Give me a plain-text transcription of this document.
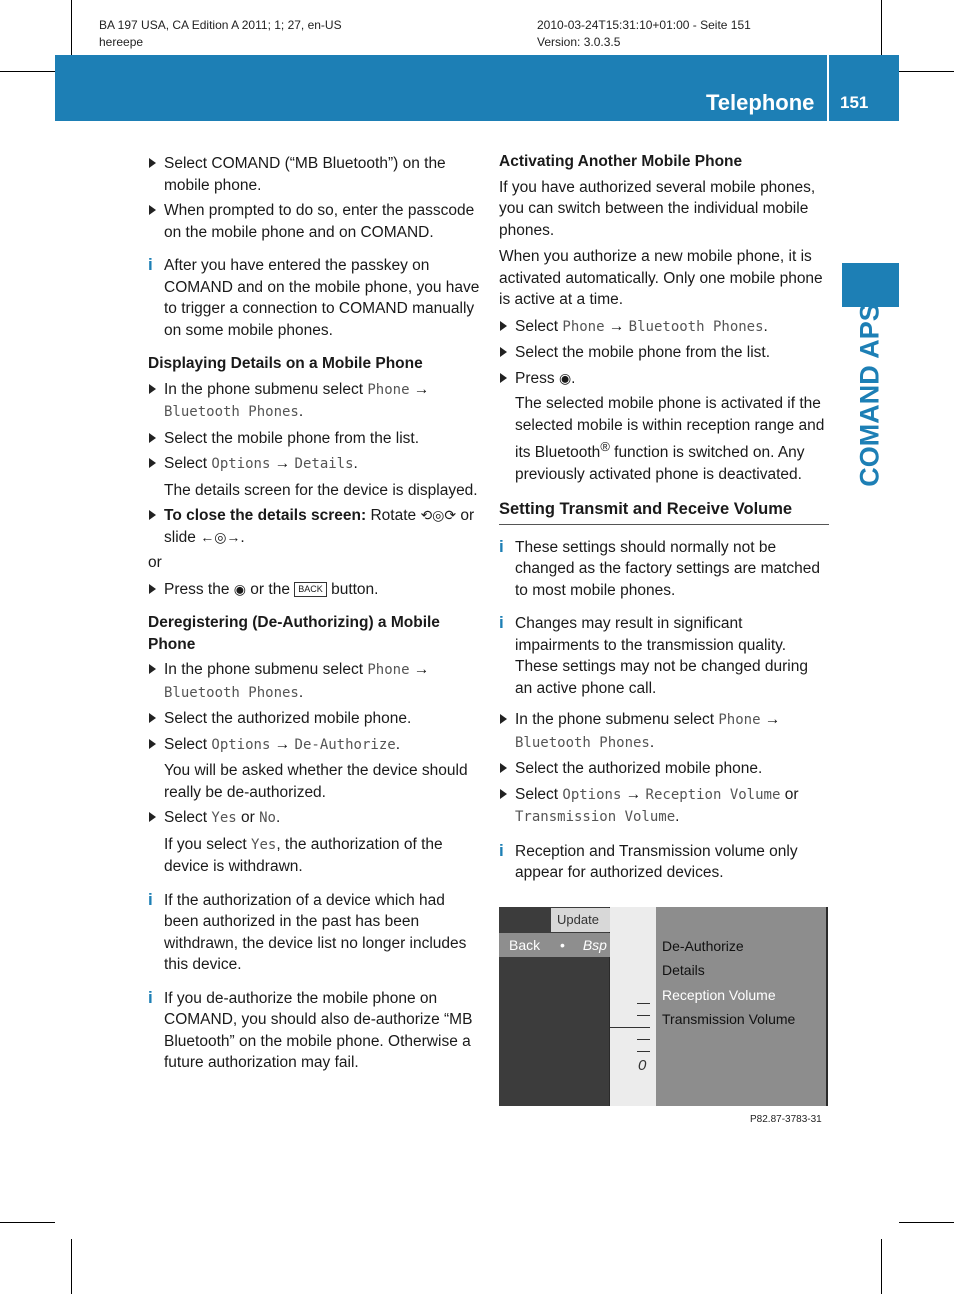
BA 197 USA, CA Edition A 2011; 1; 27, en-US
hereepe
2010-03-24T15:31:10+01:00 - Seite 151
Version: 3.0.3.5
Telephone 151
COMAND APS
Select COMAND (“MB Bluetooth”) on the mobile phone.
When prompted to do so, enter the passcode on the mobile phone and on COMAND.
i After you have entered the passkey on COMAND and on the mobile phone, you have to trigger a connection to COMAND manually on some mobile phones.
Displaying Details on a Mobile Phone
In the phone submenu select Phone → Bluetooth Phones.
Select the mobile phone from the list.
Select Options → Details.
The details screen for the device is displayed.
To close the details screen: Rotate ⟲◎⟳ or slide ←◎→.
or
Press the ◉ or the BACK button.
Deregistering (De-Authorizing) a Mobile Phone
In the phone submenu select Phone → Bluetooth Phones.
Select the authorized mobile phone.
Select Options → De-Authorize.
You will be asked whether the device should really be de-authorized.
Select Yes or No.
If you select Yes, the authorization of the device is withdrawn.
i If the authorization of a device which had been authorized in the past has been withdrawn, the device list no longer includes this device.
i If you de-authorize the mobile phone on COMAND, you should also de-authorize “MB Bluetooth” on the mobile phone. Otherwise a future authorization may fail.
Activating Another Mobile Phone
If you have authorized several mobile phones, you can switch between the individual mobile phones.
When you authorize a new mobile phone, it is activated automatically. Only one mobile phone is active at a time.
Select Phone → Bluetooth Phones.
Select the mobile phone from the list.
Press ◉.
The selected mobile phone is activated if the selected mobile is within reception range and its Bluetooth® function is switched on. Any previously activated phone is deactivated.
Setting Transmit and Receive Volume
i These settings should normally not be changed as the factory settings are matched to most mobile phones.
i Changes may result in significant impairments to the transmission quality. These settings may not be changed during an active phone call.
In the phone submenu select Phone → Bluetooth Phones.
Select the authorized mobile phone.
Select Options → Reception Volume or Transmission Volume.
i Reception and Transmission volume only appear for authorized devices.
Update
Back • Bsp
0
De-Authorize
Details
Reception Volume
Transmission Volume
P82.87-3783-31
